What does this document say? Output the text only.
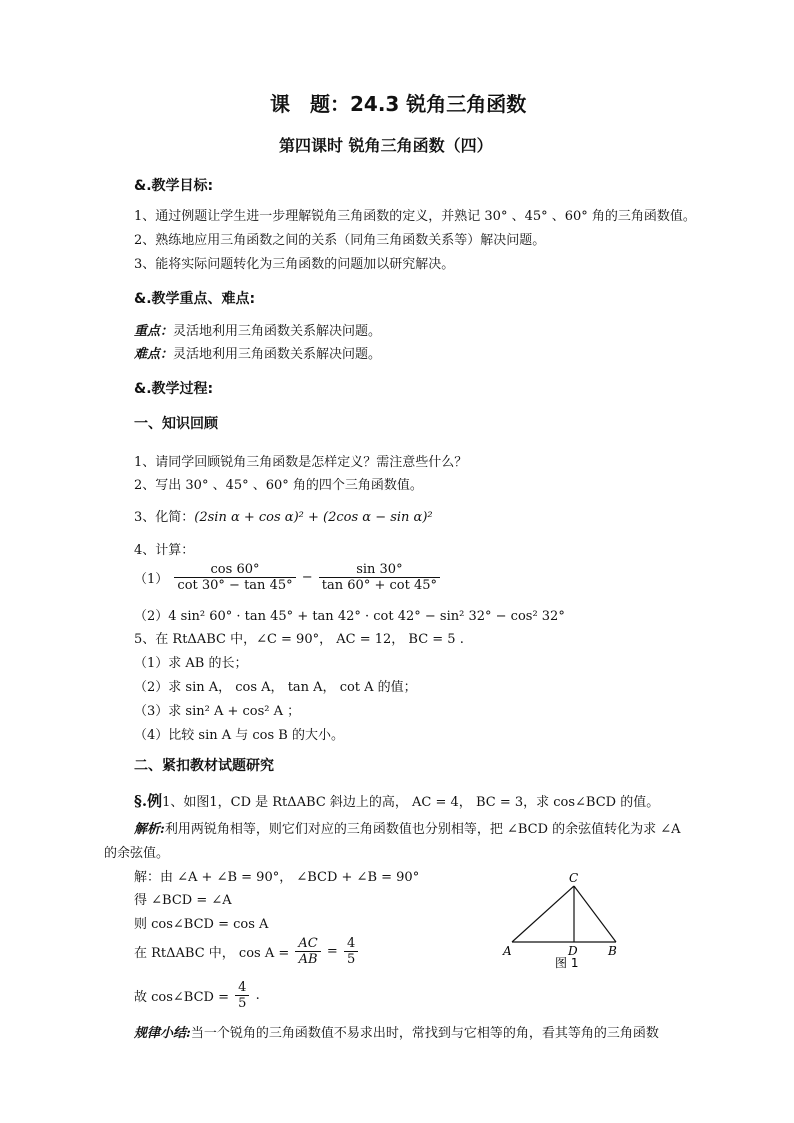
课　题：24.3 锐角三角函数
第四课时 锐角三角函数（四）
&.教学目标:
1、通过例题让学生进一步理解锐角三角函数的定义，并熟记 30° 、45° 、60° 角的三角函数值。
2、熟练地应用三角函数之间的关系（同角三角函数关系等）解决问题。
3、能将实际问题转化为三角函数的问题加以研究解决。
&.教学重点、难点:
重点：灵活地利用三角函数关系解决问题。
难点：灵活地利用三角函数关系解决问题。
&.教学过程:
一、知识回顾
1、请同学回顾锐角三角函数是怎样定义？需注意些什么？
2、写出 30° 、45° 、60° 角的四个三角函数值。
3、化简：(2sin α + cos α)² + (2cos α − sin α)²
4、计算：
$(1) \frac{\cos 60^\circ}{\cot 30^\circ - \tan 45^\circ} - \frac{\sin 30^\circ}{\tan 60^\circ + \cot 45^\circ}$
（2）4 sin² 60° · tan 45° + tan 42° · cot 42° − sin² 32° − cos² 32°
5、在 RtΔABC 中，∠C = 90°， AC = 12， BC = 5 .
（1）求 AB 的长；
（2）求 sin A， cos A， tan A， cot A 的值；
（3）求 sin² A + cos² A ；
（4）比较 sin A 与 cos B 的大小。
二、紧扣教材试题研究
§.例1、如图1，CD 是 RtΔABC 斜边上的高， AC = 4， BC = 3，求 cos∠BCD 的值。
解析:利用两锐角相等，则它们对应的三角函数值也分别相等，把 ∠BCD 的余弦值转化为求 ∠A
的余弦值。
解：由 ∠A + ∠B = 90°， ∠BCD + ∠B = 90°
得 ∠BCD = ∠A
则 cos∠BCD = cos A
在 RtΔABC 中， $\cos A = \frac{AC}{AB} = \frac{4}{5}$
故 cos∠BCD = $\frac{4}{5}$ .
规律小结:当一个锐角的三角函数值不易求出时，常找到与它相等的角，看其等角的三角函数
C
A	D	B
图 1
